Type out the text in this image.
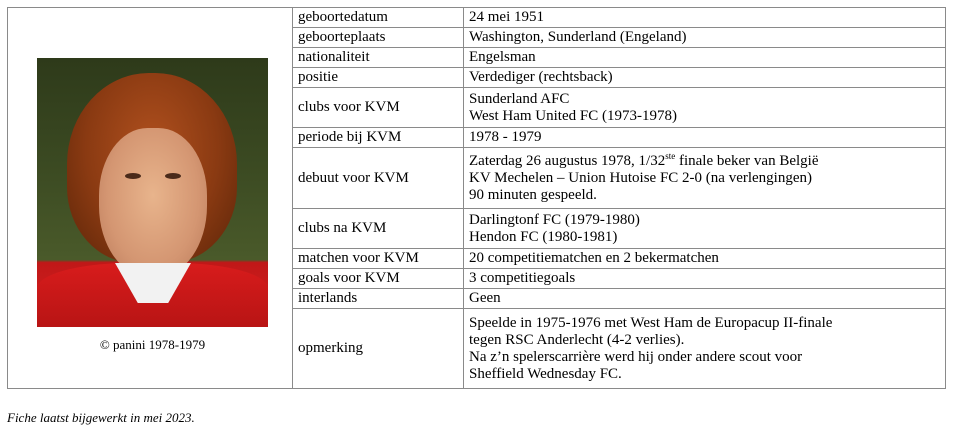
© panini 1978-1979	geboortedatum	24 mei 1951
	geboorteplaats	Washington, Sunderland (Engeland)
	nationaliteit	Engelsman
	positie	Verdediger (rechtsback)
	clubs voor KVM	Sunderland AFC
West Ham United FC (1973-1978)

	periode bij KVM	1978 - 1979
	debuut voor KVM	Zaterdag 26 augustus 1978, 1/32ste finale beker van België
KV Mechelen – Union Hutoise FC 2-0 (na verlengingen)
90 minuten gespeeld.

	clubs na KVM	Darlingtonf FC (1979-1980)
Hendon FC (1980-1981)

	matchen voor KVM	20 competitiematchen en 2 bekermatchen
	goals voor KVM	3 competitiegoals
	interlands	Geen
	opmerking	Speelde in 1975-1976 met West Ham de Europacup II-finale
tegen RSC Anderlecht (4-2 verlies).
Na z’n spelerscarrière werd hij onder andere scout voor
Sheffield Wednesday FC.
Fiche laatst bijgewerkt in mei 2023.
